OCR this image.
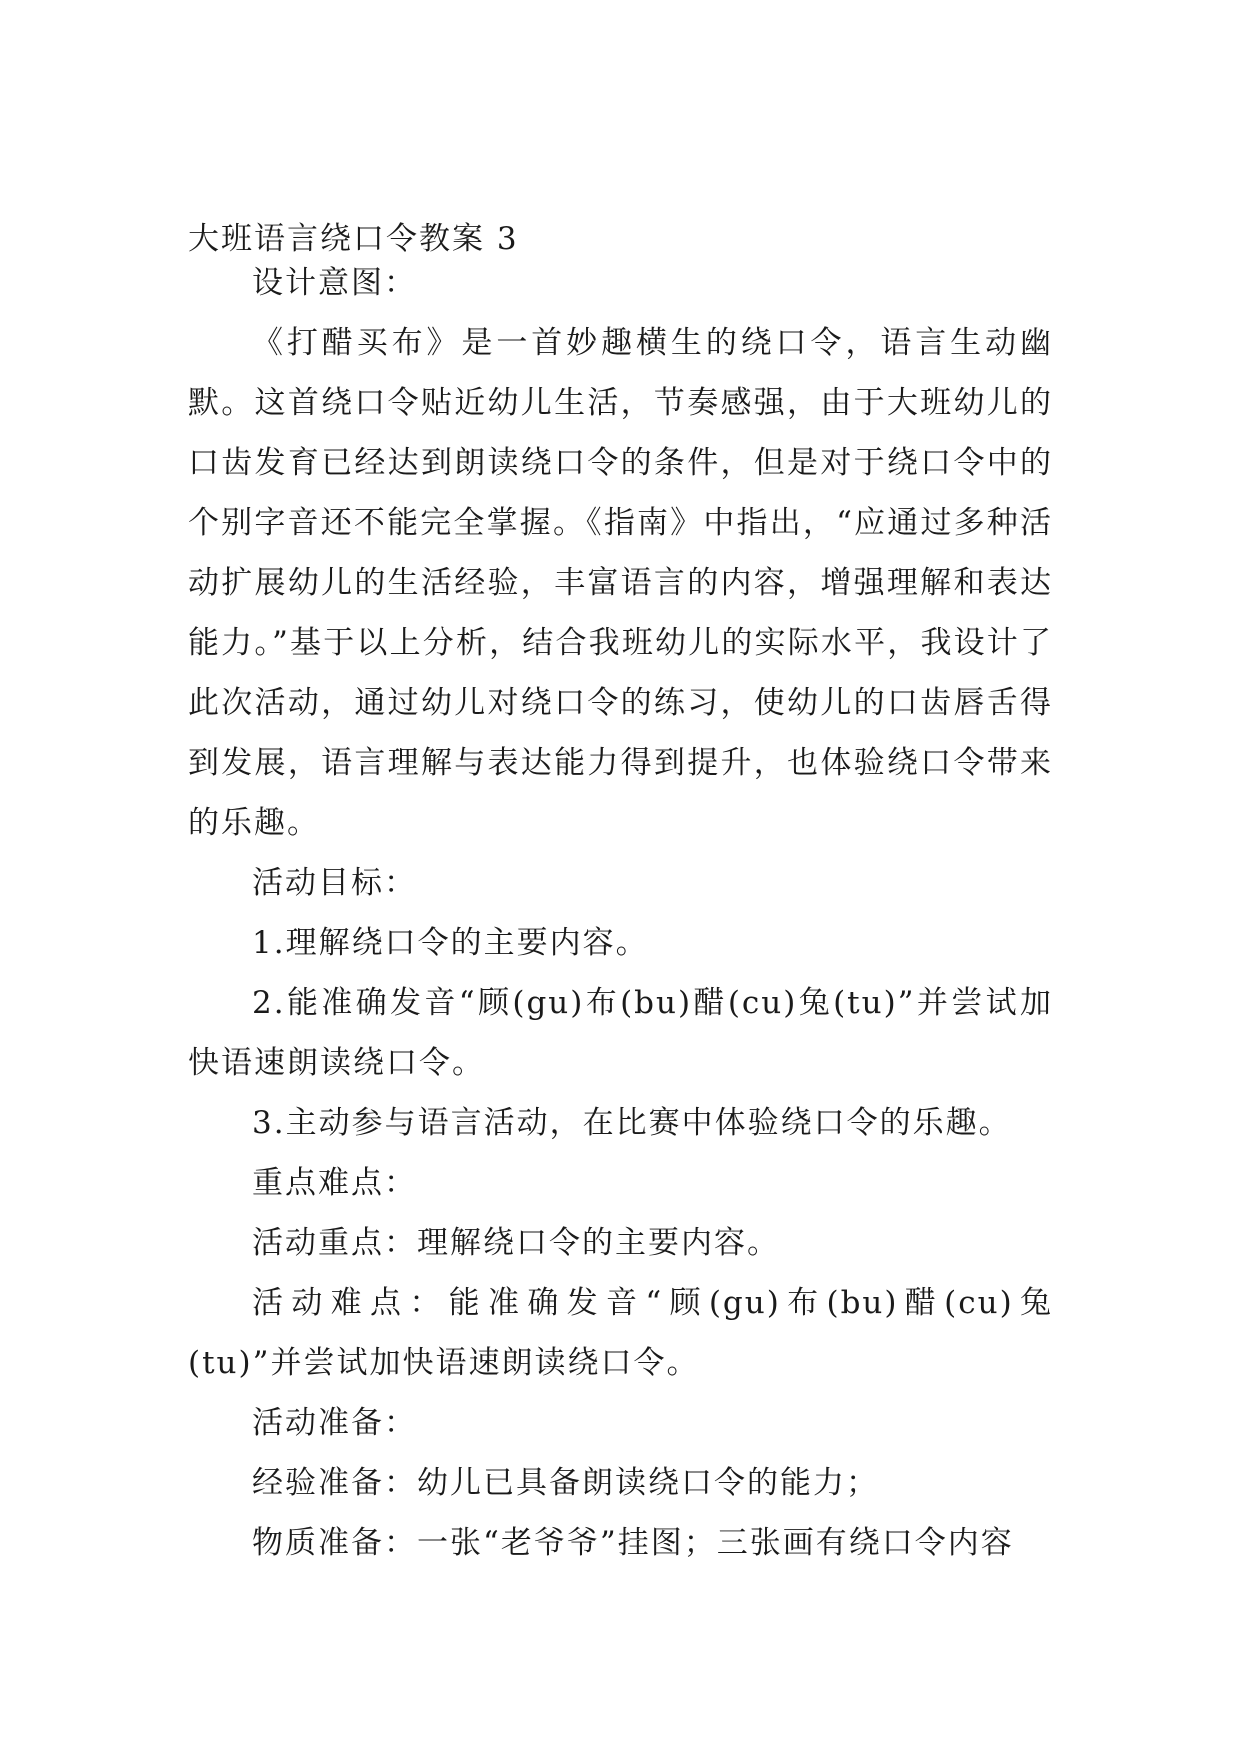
大班语言绕口令教案 3

设计意图：

《打醋买布》是一首妙趣横生的绕口令，语言生动幽默。这首绕口令贴近幼儿生活，节奏感强，由于大班幼儿的口齿发育已经达到朗读绕口令的条件，但是对于绕口令中的个别字音还不能完全掌握。《指南》中指出，“应通过多种活动扩展幼儿的生活经验，丰富语言的内容，增强理解和表达能力。”基于以上分析，结合我班幼儿的实际水平，我设计了此次活动，通过幼儿对绕口令的练习，使幼儿的口齿唇舌得到发展，语言理解与表达能力得到提升，也体验绕口令带来的乐趣。

活动目标：

1.理解绕口令的主要内容。

2.能准确发音“顾(gu)布(bu)醋(cu)兔(tu)”并尝试加快语速朗读绕口令。

3.主动参与语言活动，在比赛中体验绕口令的乐趣。

重点难点：

活动重点：理解绕口令的主要内容。

活动难点：能准确发音“顾(gu)布(bu)醋(cu)兔(tu)”并尝试加快语速朗读绕口令。

活动准备：

经验准备：幼儿已具备朗读绕口令的能力；

物质准备：一张“老爷爷”挂图；三张画有绕口令内容
